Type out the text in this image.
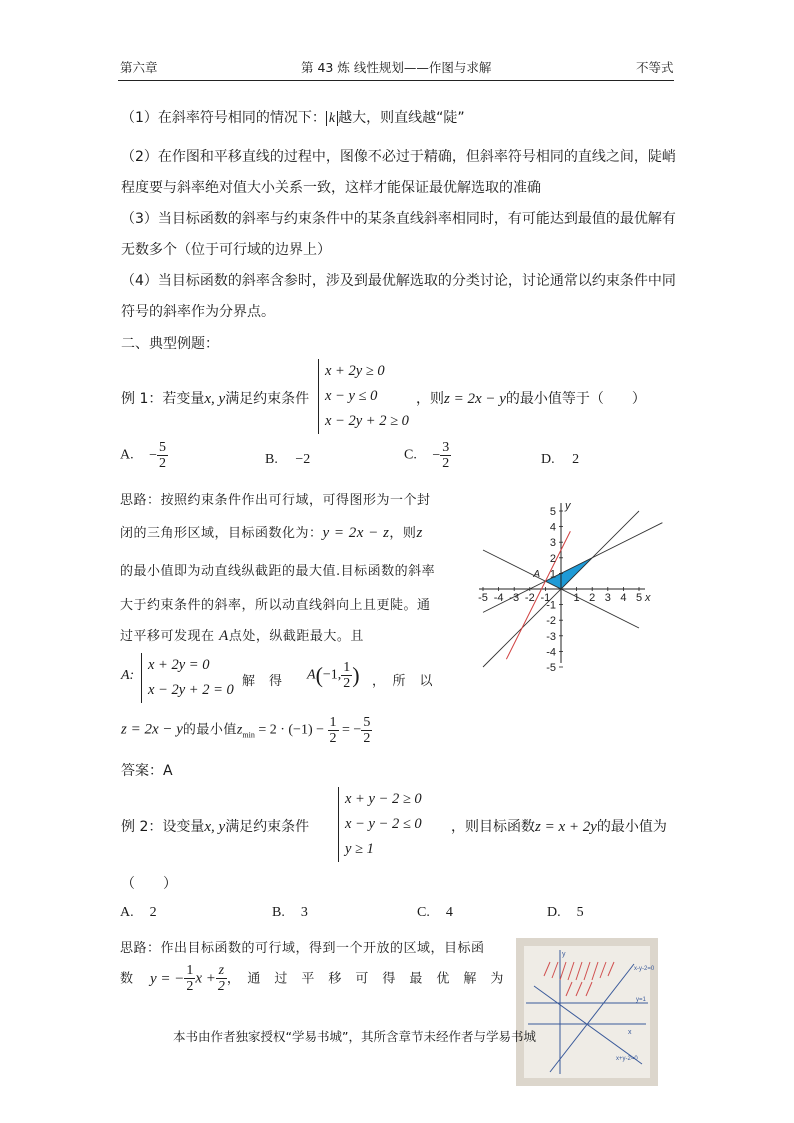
第六章	第 43 炼 线性规划——作图与求解	不等式
（1）在斜率符号相同的情况下： k 越大，则直线越“陡”
（2）在作图和平移直线的过程中，图像不必过于精确，但斜率符号相同的直线之间，陡峭
程度要与斜率绝对值大小关系一致，这样才能保证最优解选取的准确
（3）当目标函数的斜率与约束条件中的某条直线斜率相同时，有可能达到最值的最优解有
无数多个（位于可行域的边界上）
（4）当目标函数的斜率含参时，涉及到最优解选取的分类讨论，讨论通常以约束条件中同
符号的斜率作为分界点。
二、典型例题：
例 1：若变量x, y满足约束条件
x + 2y ≥ 0
x − y ≤ 0
x − 2y + 2 ≥ 0
，则z = 2x − y的最小值等于（　　）
A. − $\frac{5}{2}$	B. −2	C. − $\frac{3}{2}$	D. 2
思路：按照约束条件作出可行域，可得图形为一个封
闭的三角形区域，目标函数化为：y = 2x − z，则z
的最小值即为动直线纵截距的最大值.目标函数的斜率
大于约束条件的斜率，所以动直线斜向上且更陡。通
过平移可发现在 A点处，纵截距最大。且
A:
x + 2y = 0
x − 2y + 2 = 0
解　得 A(−1, $\frac{1}{2}$ ) ，　所　以
z = 2x − y的最小值$z_{min} = 2 \cdot (-1) - \frac{1}{2}$ = − $\frac{5}{2}$
答案：A
-5 -4 -3 -2 -1 1 2 3 4 5
5
4
3
2
1
-1
-2
-3
-4
-5
x
y
A
例 2：设变量x, y满足约束条件
x + y − 2 ≥ 0
x − y − 2 ≤ 0
y ≥ 1
，则目标函数z = x + 2y的最小值为
（　　）
A. 2	B. 3	C. 4	D. 5
思路：作出目标函数的可行域，得到一个开放的区域，目标函
数 y = − $\frac{1}{2}$ $x + \frac{z}{2}$ ，　通　过　平　移　可　得　最　优　解　为
x-y-2=0
y=1
x+y-2=0
x
y
本书由作者独家授权“学易书城”，其所含章节未经作者与学易书城
